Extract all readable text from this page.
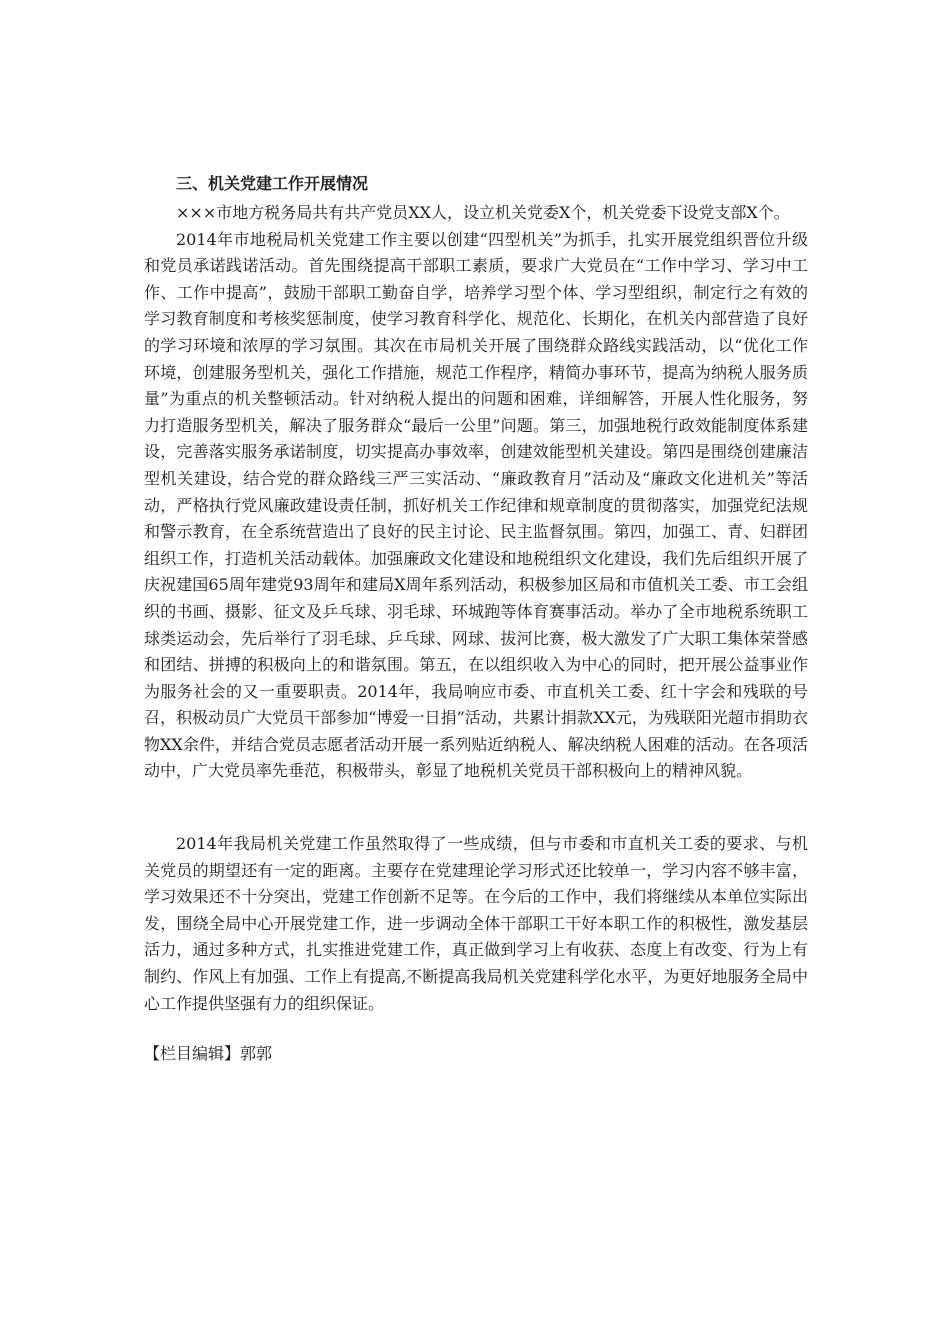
三、机关党建工作开展情况

×××市地方税务局共有共产党员XX人，设立机关党委X个，机关党委下设党支部X个。

2014年市地税局机关党建工作主要以创建“四型机关”为抓手，扎实开展党组织晋位升级和党员承诺践诺活动。首先围绕提高干部职工素质，要求广大党员在“工作中学习、学习中工作、工作中提高”，鼓励干部职工勤奋自学，培养学习型个体、学习型组织，制定行之有效的学习教育制度和考核奖惩制度，使学习教育科学化、规范化、长期化，在机关内部营造了良好的学习环境和浓厚的学习氛围。其次在市局机关开展了围绕群众路线实践活动，以“优化工作环境，创建服务型机关，强化工作措施，规范工作程序，精简办事环节，提高为纳税人服务质量”为重点的机关整顿活动。针对纳税人提出的问题和困难，详细解答，开展人性化服务，努力打造服务型机关，解决了服务群众“最后一公里”问题。第三，加强地税行政效能制度体系建设，完善落实服务承诺制度，切实提高办事效率，创建效能型机关建设。第四是围绕创建廉洁型机关建设，结合党的群众路线三严三实活动、“廉政教育月”活动及“廉政文化进机关”等活动，严格执行党风廉政建设责任制，抓好机关工作纪律和规章制度的贯彻落实，加强党纪法规和警示教育，在全系统营造出了良好的民主讨论、民主监督氛围。第四，加强工、青、妇群团组织工作，打造机关活动载体。加强廉政文化建设和地税组织文化建设，我们先后组织开展了庆祝建国65周年建党93周年和建局X周年系列活动，积极参加区局和市值机关工委、市工会组织的书画、摄影、征文及乒乓球、羽毛球、环城跑等体育赛事活动。举办了全市地税系统职工球类运动会，先后举行了羽毛球、乒乓球、网球、拔河比赛，极大激发了广大职工集体荣誉感和团结、拼搏的积极向上的和谐氛围。第五，在以组织收入为中心的同时，把开展公益事业作为服务社会的又一重要职责。2014年，我局响应市委、市直机关工委、红十字会和残联的号召，积极动员广大党员干部参加“博爱一日捐”活动，共累计捐款XX元，为残联阳光超市捐助衣物XX余件，并结合党员志愿者活动开展一系列贴近纳税人、解决纳税人困难的活动。在各项活动中，广大党员率先垂范，积极带头，彰显了地税机关党员干部积极向上的精神风貌。

2014年我局机关党建工作虽然取得了一些成绩，但与市委和市直机关工委的要求、与机关党员的期望还有一定的距离。主要存在党建理论学习形式还比较单一，学习内容不够丰富，学习效果还不十分突出，党建工作创新不足等。在今后的工作中，我们将继续从本单位实际出发，围绕全局中心开展党建工作，进一步调动全体干部职工干好本职工作的积极性，激发基层活力，通过多种方式，扎实推进党建工作，真正做到学习上有收获、态度上有改变、行为上有制约、作风上有加强、工作上有提高,不断提高我局机关党建科学化水平，为更好地服务全局中心工作提供坚强有力的组织保证。

【栏目编辑】郭郭
